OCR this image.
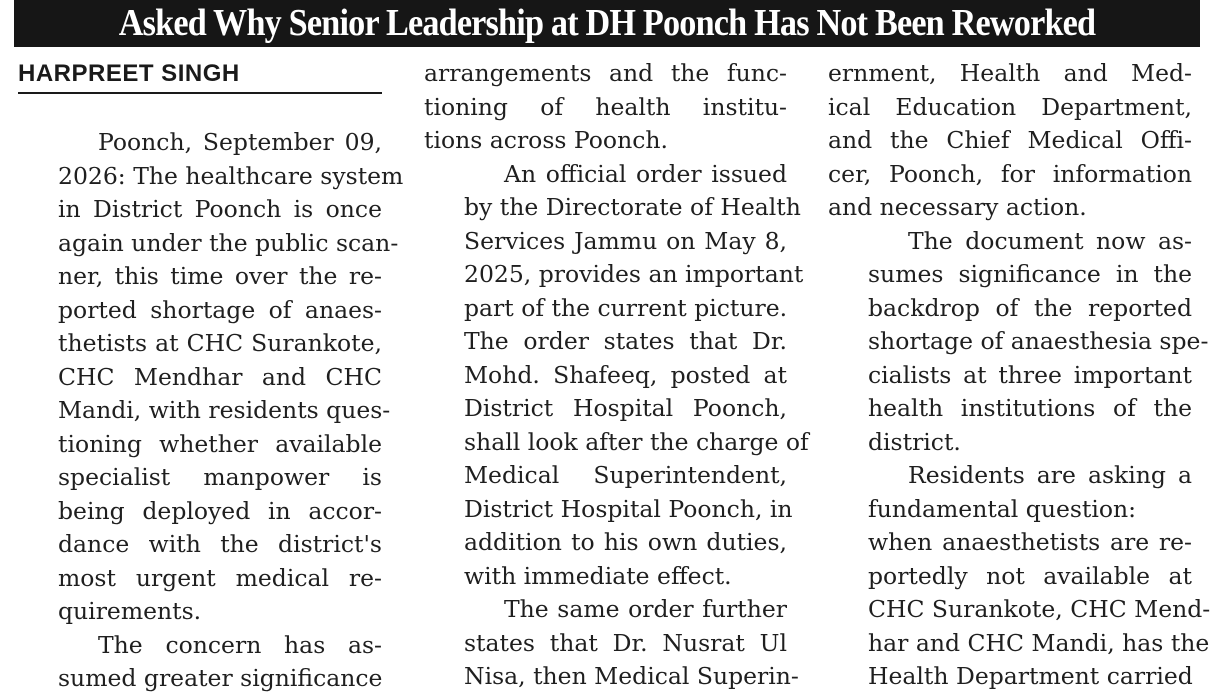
Asked Why Senior Leadership at DH Poonch Has Not Been Reworked
HARPREET SINGH
Poonch, September 09,
2026: The healthcare system
in District Poonch is once
again under the public scan-
ner, this time over the re-
ported shortage of anaes-
thetists at CHC Surankote,
CHC Mendhar and CHC
Mandi, with residents ques-
tioning whether available
specialist manpower is
being deployed in accor-
dance with the district's
most urgent medical re-
quirements.
The concern has as-
sumed greater significance
arrangements and the func-
tioning of health institu-
tions across Poonch.
An official order issued
by the Directorate of Health
Services Jammu on May 8,
2025, provides an important
part of the current picture.
The order states that Dr.
Mohd. Shafeeq, posted at
District Hospital Poonch,
shall look after the charge of
Medical Superintendent,
District Hospital Poonch, in
addition to his own duties,
with immediate effect.
The same order further
states that Dr. Nusrat Ul
Nisa, then Medical Superin-
ernment, Health and Med-
ical Education Department,
and the Chief Medical Offi-
cer, Poonch, for information
and necessary action.
The document now as-
sumes significance in the
backdrop of the reported
shortage of anaesthesia spe-
cialists at three important
health institutions of the
district.
Residents are asking a
fundamental question:
when anaesthetists are re-
portedly not available at
CHC Surankote, CHC Mend-
har and CHC Mandi, has the
Health Department carried
